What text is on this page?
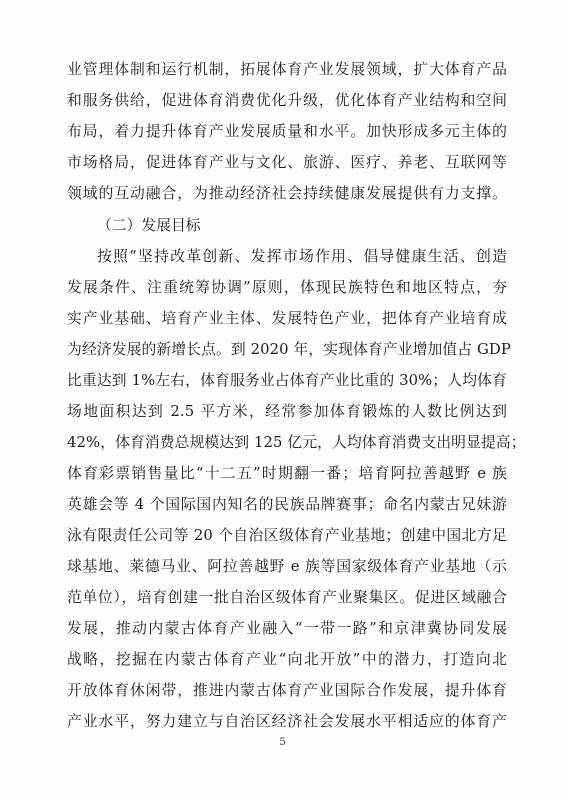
业管理体制和运行机制，拓展体育产业发展领域，扩大体育产品
和服务供给，促进体育消费优化升级，优化体育产业结构和空间
布局，着力提升体育产业发展质量和水平。加快形成多元主体的
市场格局，促进体育产业与文化、旅游、医疗、养老、互联网等
领域的互动融合，为推动经济社会持续健康发展提供有力支撑。
（二）发展目标
按照“坚持改革创新、发挥市场作用、倡导健康生活、创造
发展条件、注重统筹协调”原则，体现民族特色和地区特点，夯
实产业基础、培育产业主体、发展特色产业，把体育产业培育成
为经济发展的新增长点。到 2020 年，实现体育产业增加值占 GDP
比重达到 1%左右，体育服务业占体育产业比重的 30%；人均体育
场地面积达到 2.5 平方米，经常参加体育锻炼的人数比例达到
42%，体育消费总规模达到 125 亿元，人均体育消费支出明显提高；
体育彩票销售量比“十二五”时期翻一番；培育阿拉善越野 e 族
英雄会等 4 个国际国内知名的民族品牌赛事；命名内蒙古兄妹游
泳有限责任公司等 20 个自治区级体育产业基地；创建中国北方足
球基地、莱德马业、阿拉善越野 e 族等国家级体育产业基地（示
范单位），培育创建一批自治区级体育产业聚集区。促进区域融合
发展，推动内蒙古体育产业融入“一带一路”和京津冀协同发展
战略，挖掘在内蒙古体育产业“向北开放”中的潜力，打造向北
开放体育休闲带，推进内蒙古体育产业国际合作发展，提升体育
产业水平，努力建立与自治区经济社会发展水平相适应的体育产
5
